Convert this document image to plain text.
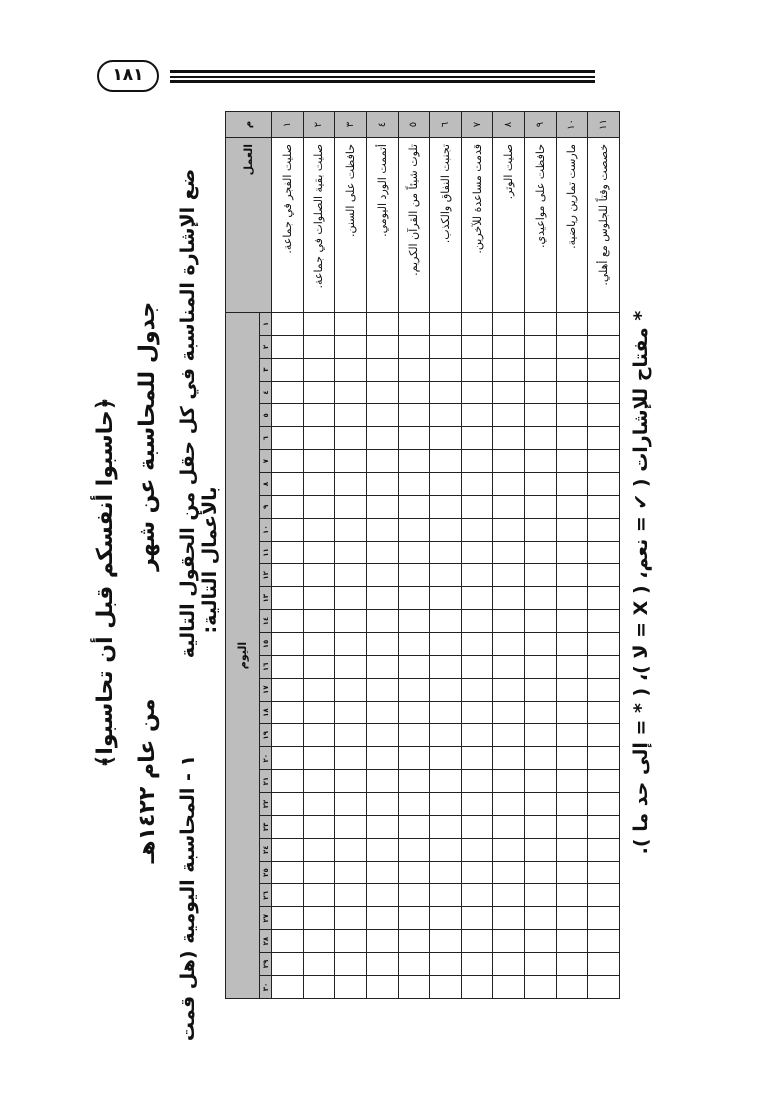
١٨١
﴿حاسبوا أنفسكم قبل أن تحاسبوا﴾ جدول للمحاسبة عن شهر من عام ١٤٢٢هـ
ضع الإشارة المناسبة في كل حقل من الحقول التالية ١ - المحاسبة اليومية (هل قمت بالأعمال التالية:
م	العمل	اليوم																													
		١	٢	٣	٤	٥	٦	٧	٨	٩	١٠	١١	١٢	١٣	١٤	١٥	١٦	١٧	١٨	١٩	٢٠	٢١	٢٢	٢٣	٢٤	٢٥	٢٦	٢٧	٢٨	٢٩	٣٠
١	صليت الفجر في جماعة.																														
٢	صليت بقية الصلوات في جماعة.																														
٣	حافظت على السنن.																														
٤	أتممت الورد اليومي.																														
٥	تلوت شيئاً من القرآن الكريم.																														
٦	تجنبت النفاق والكذب.																														
٧	قدمت مساعدة للآخرين.																														
٨	صليت الوتر.																														
٩	حافظت على مواعيدي.																														
١٠	مارست تمارين رياضية.																														
١١	خصصت وقتاً للجلوس مع أهلي.																														
* مفتاح للإشارات ( ✔ = نعم، ( X = لا )، ( * = إلى حد ما ).
